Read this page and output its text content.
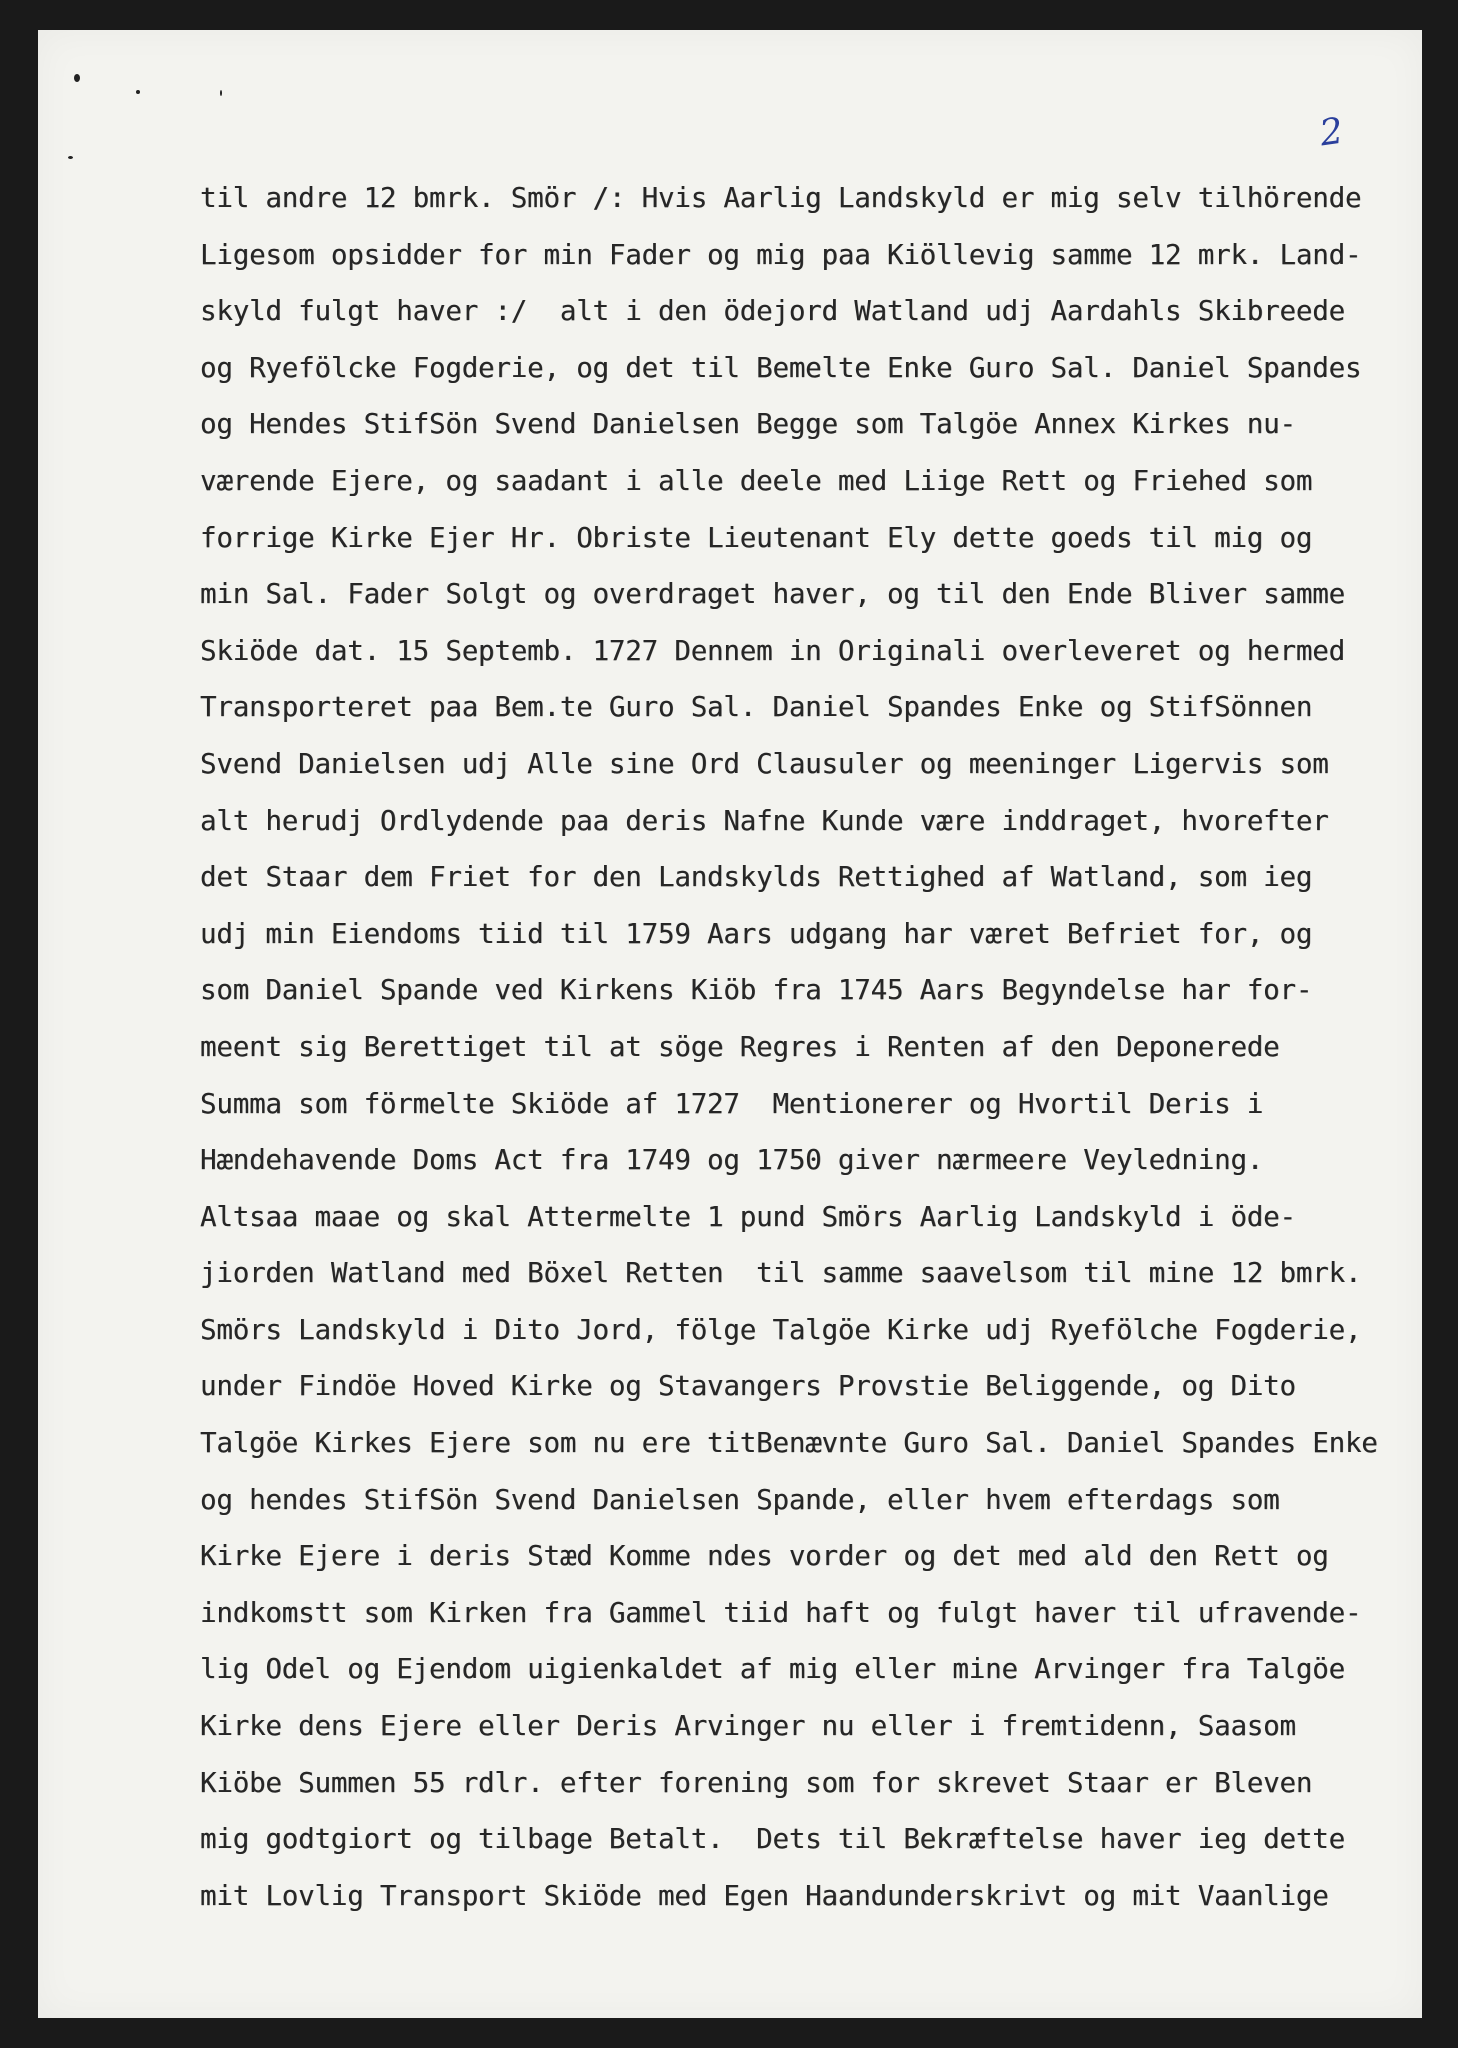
2
til andre 12 bmrk. Smör /: Hvis Aarlig Landskyld er mig selv tilhörende
Ligesom opsidder for min Fader og mig paa Kiöllevig samme 12 mrk. Land-
skyld fulgt haver :/  alt i den ödejord Watland udj Aardahls Skibreede
og Ryefölcke Fogderie, og det til Bemelte Enke Guro Sal. Daniel Spandes
og Hendes StifSön Svend Danielsen Begge som Talgöe Annex Kirkes nu-
værende Ejere, og saadant i alle deele med Liige Rett og Friehed som
forrige Kirke Ejer Hr. Obriste Lieutenant Ely dette goeds til mig og
min Sal. Fader Solgt og overdraget haver, og til den Ende Bliver samme
Skiöde dat. 15 Septemb. 1727 Dennem in Originali overleveret og hermed
Transporteret paa Bem.te Guro Sal. Daniel Spandes Enke og StifSönnen
Svend Danielsen udj Alle sine Ord Clausuler og meeninger Ligervis som
alt herudj Ordlydende paa deris Nafne Kunde være inddraget, hvorefter
det Staar dem Friet for den Landskylds Rettighed af Watland, som ieg
udj min Eiendoms tiid til 1759 Aars udgang har været Befriet for, og
som Daniel Spande ved Kirkens Kiöb fra 1745 Aars Begyndelse har for-
meent sig Berettiget til at söge Regres i Renten af den Deponerede
Summa som förmelte Skiöde af 1727  Mentionerer og Hvortil Deris i
Hændehavende Doms Act fra 1749 og 1750 giver nærmeere Veyledning.
Altsaa maae og skal Attermelte 1 pund Smörs Aarlig Landskyld i öde-
jiorden Watland med Böxel Retten  til samme saavelsom til mine 12 bmrk.
Smörs Landskyld i Dito Jord, fölge Talgöe Kirke udj Ryefölche Fogderie,
under Findöe Hoved Kirke og Stavangers Provstie Beliggende, og Dito
Talgöe Kirkes Ejere som nu ere titBenævnte Guro Sal. Daniel Spandes Enke
og hendes StifSön Svend Danielsen Spande, eller hvem efterdags som
Kirke Ejere i deris Stæd Komme ndes vorder og det med ald den Rett og
indkomstt som Kirken fra Gammel tiid haft og fulgt haver til ufravende-
lig Odel og Ejendom uigienkaldet af mig eller mine Arvinger fra Talgöe
Kirke dens Ejere eller Deris Arvinger nu eller i fremtidenn, Saasom
Kiöbe Summen 55 rdlr. efter forening som for skrevet Staar er Bleven
mig godtgiort og tilbage Betalt.  Dets til Bekræftelse haver ieg dette
mit Lovlig Transport Skiöde med Egen Haandunderskrivt og mit Vaanlige
